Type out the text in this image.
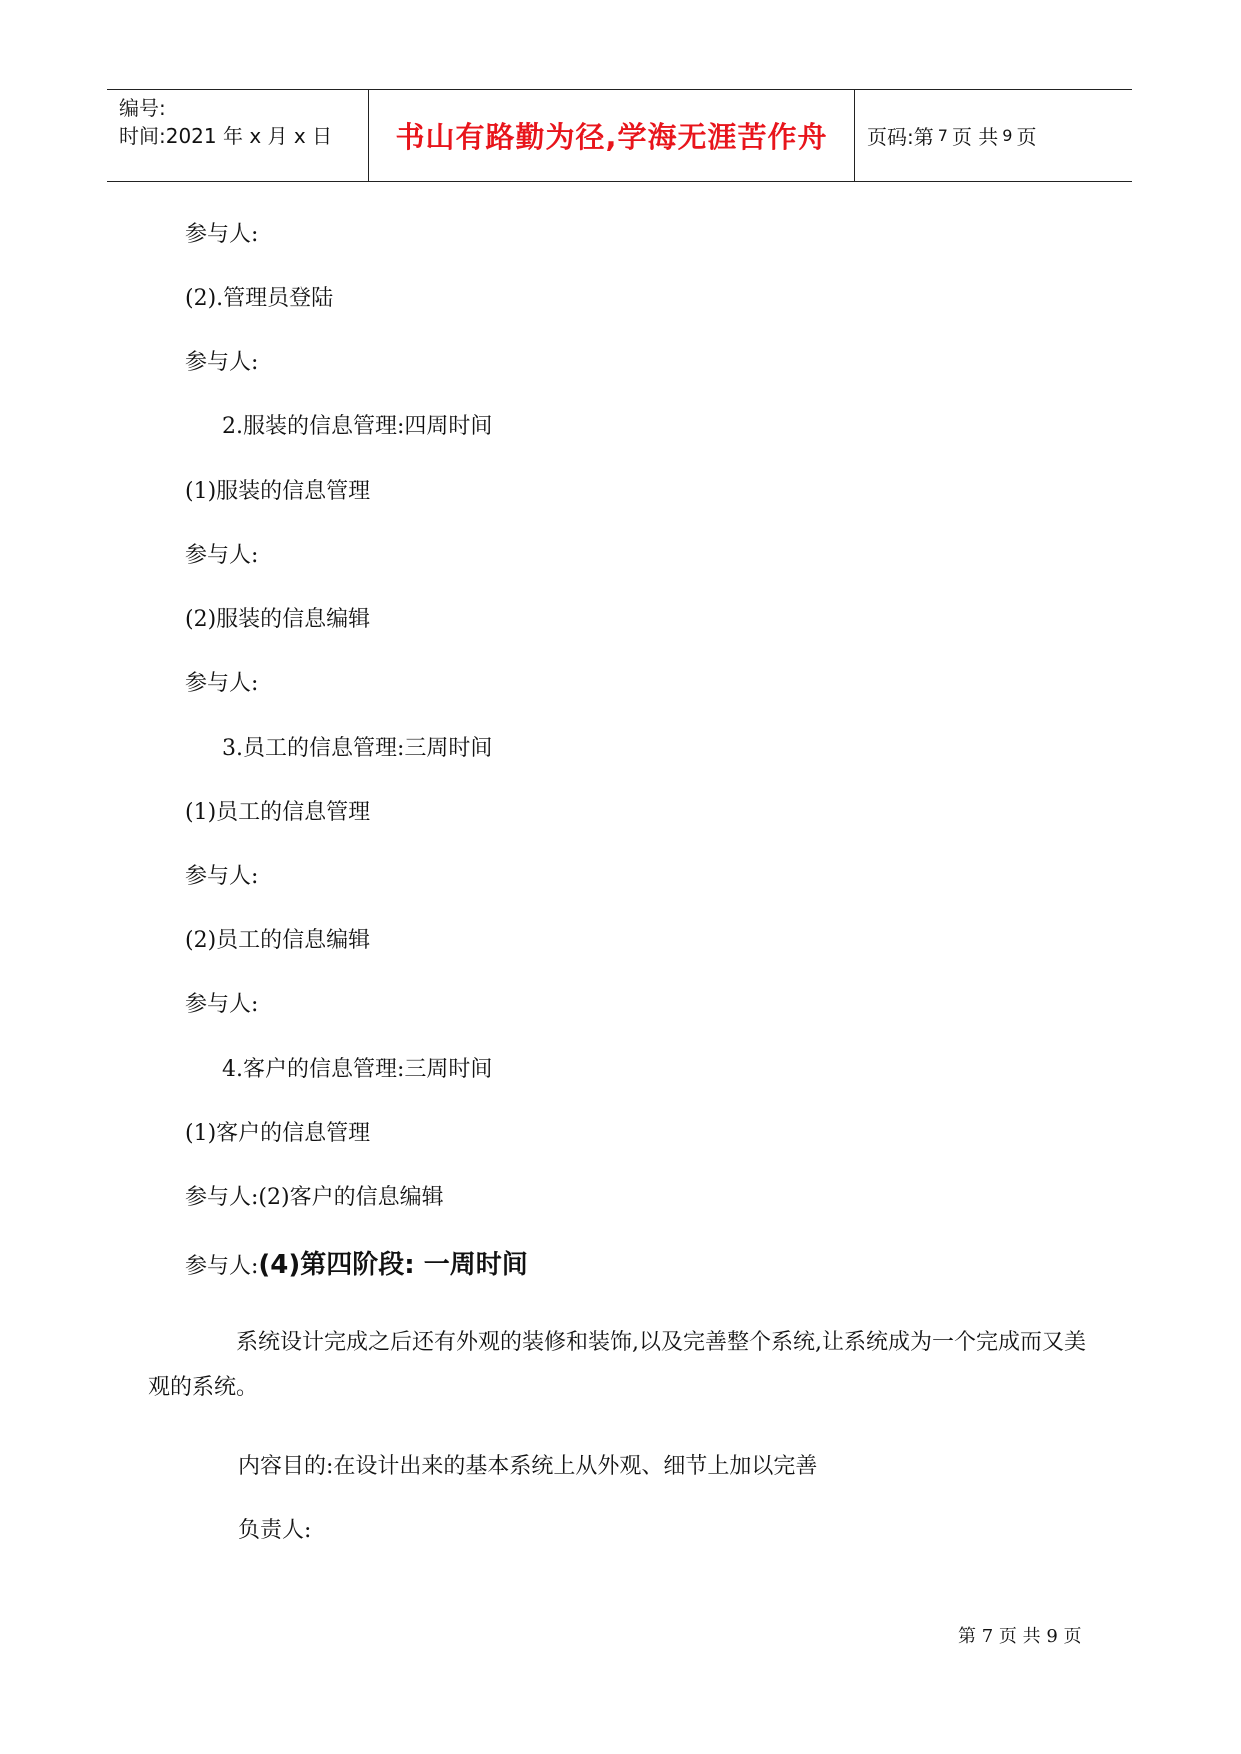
编号:
时间:2021 年 x 月 x 日	书山有路勤为径,学海无涯苦作舟 页码:第 7 页 共 9 页
参与人:
(2).管理员登陆
参与人:
2.服装的信息管理:四周时间
(1)服装的信息管理
参与人:
(2)服装的信息编辑
参与人:
3.员工的信息管理:三周时间
(1)员工的信息管理
参与人:
(2)员工的信息编辑
参与人:
4.客户的信息管理:三周时间
(1)客户的信息管理
参与人:(2)客户的信息编辑
参与人:(4)第四阶段: 一周时间
系统设计完成之后还有外观的装修和装饰,以及完善整个系统,让系统成为一个完成而又美观的系统。
内容目的:在设计出来的基本系统上从外观、细节上加以完善
负责人:
第 7 页 共 9 页
